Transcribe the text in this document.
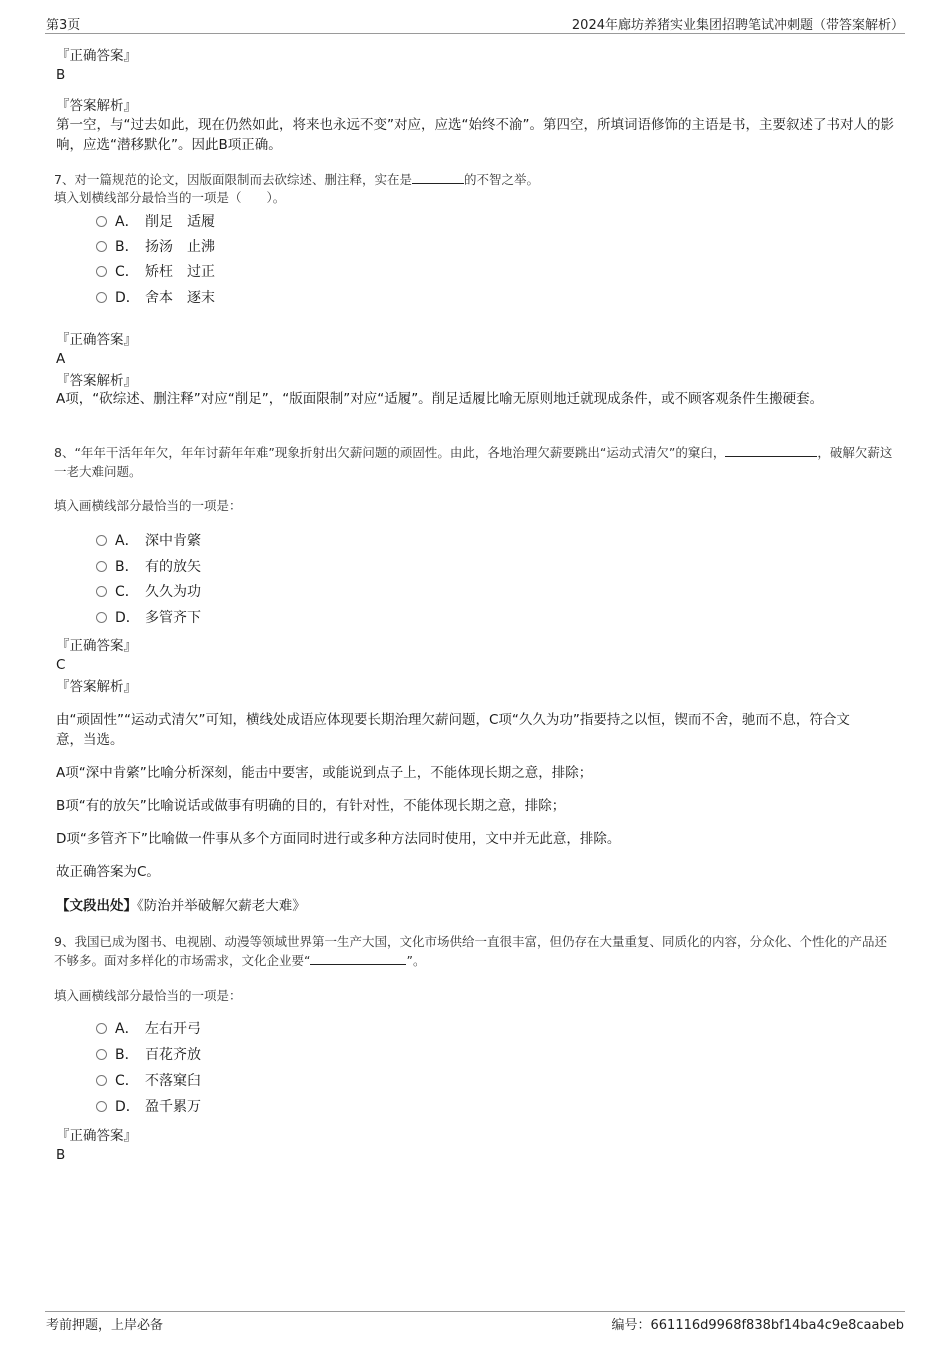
第3页	2024年廊坊养猪实业集团招聘笔试冲刺题（带答案解析）
『正确答案』
B
『答案解析』
第一空，与“过去如此，现在仍然如此，将来也永远不变”对应，应选“始终不渝”。第四空，所填词语修饰的主语是书，主要叙述了书对人的影响，应选“潜移默化”。因此B项正确。
7、对一篇规范的论文，因版面限制而去砍综述、删注释，实在是	的不智之举。
填入划横线部分最恰当的一项是（　　）。
A． 削足 适履
B． 扬汤 止沸
C． 矫枉 过正
D． 舍本 逐末
『正确答案』
A
『答案解析』
A项，“砍综述、删注释”对应“削足”，“版面限制”对应“适履”。削足适履比喻无原则地迁就现成条件，或不顾客观条件生搬硬套。
8、“年年干活年年欠，年年讨薪年年难”现象折射出欠薪问题的顽固性。由此，各地治理欠薪要跳出“运动式清欠”的窠臼，	，破解欠薪这一老大难问题。
填入画横线部分最恰当的一项是：
A． 深中肯綮
B． 有的放矢
C． 久久为功
D． 多管齐下
『正确答案』
C
『答案解析』
由“顽固性”“运动式清欠”可知，横线处成语应体现要长期治理欠薪问题，C项“久久为功”指要持之以恒，锲而不舍，驰而不息，符合文意，当选。
A项“深中肯綮”比喻分析深刻，能击中要害，或能说到点子上，不能体现长期之意，排除；
B项“有的放矢”比喻说话或做事有明确的目的，有针对性，不能体现长期之意，排除；
D项“多管齐下”比喻做一件事从多个方面同时进行或多种方法同时使用，文中并无此意，排除。
故正确答案为C。
【文段出处】《防治并举破解欠薪老大难》
9、我国已成为图书、电视剧、动漫等领域世界第一生产大国，文化市场供给一直很丰富，但仍存在大量重复、同质化的内容，分众化、个性化的产品还不够多。面对多样化的市场需求，文化企业要“	”。
填入画横线部分最恰当的一项是：
A． 左右开弓
B． 百花齐放
C． 不落窠臼
D． 盈千累万
『正确答案』
B
考前押题，上岸必备	编号：661116d9968f838bf14ba4c9e8caabeb
